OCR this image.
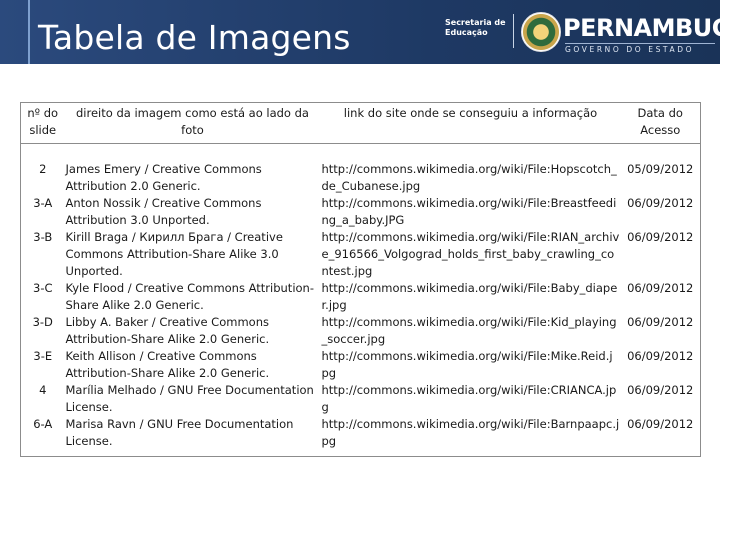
Tabela de Imagens	Secretaria de Educação	PERNAMBUCO
GOVERNO DO ESTADO
nº do slide	direito da imagem como está ao lado da foto	link do site onde se conseguiu a informação	Data do Acesso

2	James Emery / Creative Commons Attribution 2.0 Generic.	http://commons.wikimedia.org/wiki/File:Hopscotch_de_Cubanese.jpg	05/09/2012
3-A	Anton Nossik / Creative Commons Attribution 3.0 Unported.	http://commons.wikimedia.org/wiki/File:Breastfeeding_a_baby.JPG	06/09/2012
3-B	Kirill Braga / Кирилл Брага / Creative Commons Attribution-Share Alike 3.0 Unported.	http://commons.wikimedia.org/wiki/File:RIAN_archive_916566_Volgograd_holds_first_baby_crawling_contest.jpg	06/09/2012
3-C	Kyle Flood / Creative Commons Attribution-Share Alike 2.0 Generic.	http://commons.wikimedia.org/wiki/File:Baby_diaper.jpg	06/09/2012
3-D	Libby A. Baker / Creative Commons Attribution-Share Alike 2.0 Generic.	http://commons.wikimedia.org/wiki/File:Kid_playing_soccer.jpg	06/09/2012
3-E	Keith Allison / Creative Commons Attribution-Share Alike 2.0 Generic.	http://commons.wikimedia.org/wiki/File:Mike.Reid.jpg	06/09/2012
4	Marília Melhado / GNU Free Documentation License.	http://commons.wikimedia.org/wiki/File:CRIANCA.jpg	06/09/2012
6-A	Marisa Ravn / GNU Free Documentation License.	http://commons.wikimedia.org/wiki/File:Barnpaapc.jpg	06/09/2012
